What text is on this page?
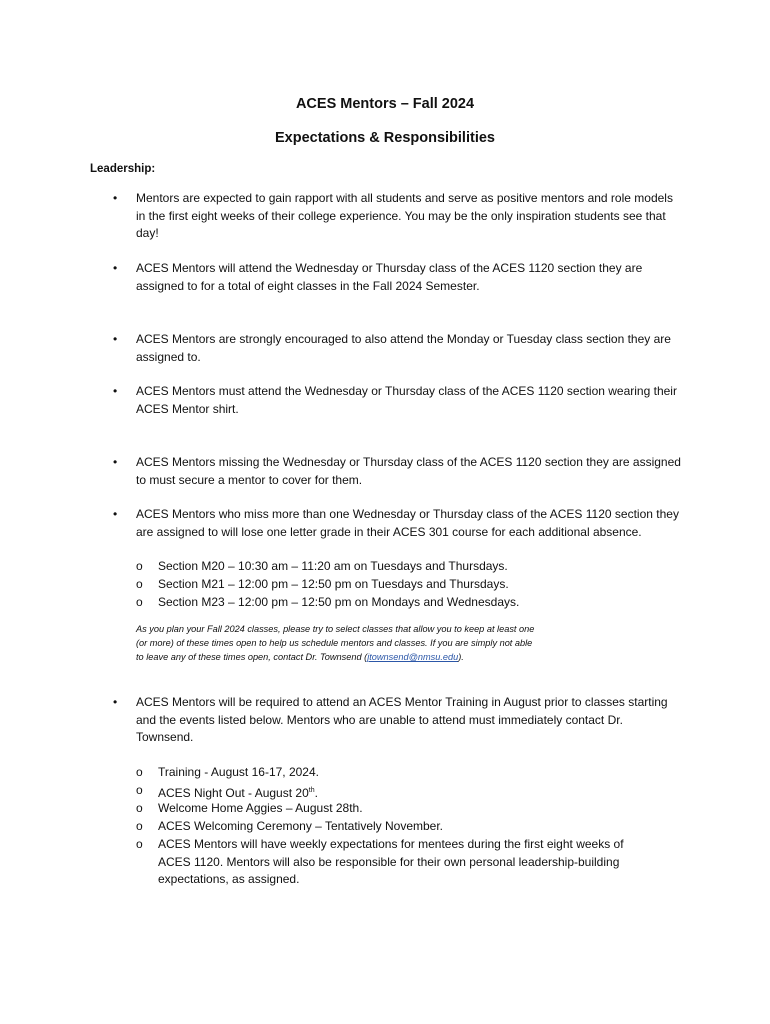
ACES Mentors – Fall 2024
Expectations & Responsibilities
Leadership:
• Mentors are expected to gain rapport with all students and serve as positive mentors and role models in the first eight weeks of their college experience. You may be the only inspiration students see that day!
• ACES Mentors will attend the Wednesday or Thursday class of the ACES 1120 section they are assigned to for a total of eight classes in the Fall 2024 Semester.
• ACES Mentors are strongly encouraged to also attend the Monday or Tuesday class section they are assigned to.
• ACES Mentors must attend the Wednesday or Thursday class of the ACES 1120 section wearing their ACES Mentor shirt.
• ACES Mentors missing the Wednesday or Thursday class of the ACES 1120 section they are assigned to must secure a mentor to cover for them.
• ACES Mentors who miss more than one Wednesday or Thursday class of the ACES 1120 section they are assigned to will lose one letter grade in their ACES 301 course for each additional absence.
o Section M20 – 10:30 am – 11:20 am on Tuesdays and Thursdays.
o Section M21 – 12:00 pm – 12:50 pm on Tuesdays and Thursdays.
o Section M23 – 12:00 pm – 12:50 pm on Mondays and Wednesdays.
As you plan your Fall 2024 classes, please try to select classes that allow you to keep at least one (or more) of these times open to help us schedule mentors and classes. If you are simply not able to leave any of these times open, contact Dr. Townsend (jtownsend@nmsu.edu).
• ACES Mentors will be required to attend an ACES Mentor Training in August prior to classes starting and the events listed below. Mentors who are unable to attend must immediately contact Dr. Townsend.
o Training - August 16-17, 2024.
o ACES Night Out - August 20th.
o Welcome Home Aggies – August 28th.
o ACES Welcoming Ceremony – Tentatively November.
o ACES Mentors will have weekly expectations for mentees during the first eight weeks of ACES 1120. Mentors will also be responsible for their own personal leadership-building expectations, as assigned.
